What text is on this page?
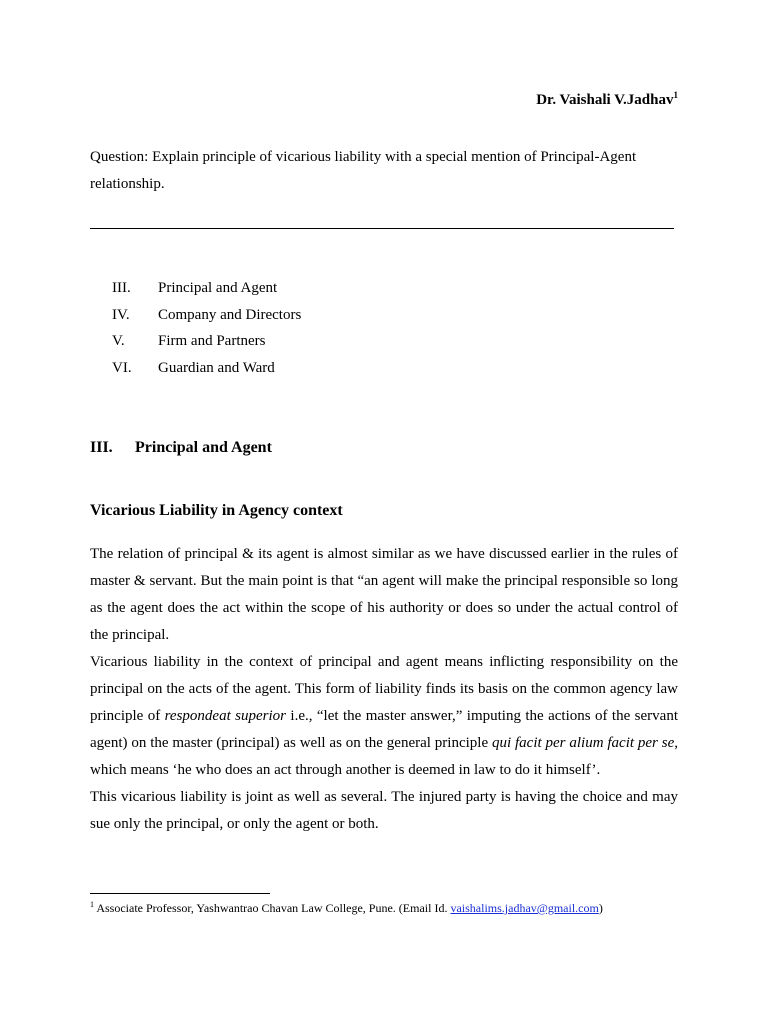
Dr. Vaishali V.Jadhav$^1$
Question: Explain principle of vicarious liability with a special mention of Principal-Agent relationship.
III.	Principal and Agent
IV.	Company and Directors
V.	Firm and Partners
VI.	Guardian and Ward
III. Principal and Agent
Vicarious Liability in Agency context

The relation of principal & its agent is almost similar as we have discussed earlier in the rules of master & servant. But the main point is that “an agent will make the principal responsible so long as the agent does the act within the scope of his authority or does so under the actual control of the principal.

Vicarious liability in the context of principal and agent means inflicting responsibility on the principal on the acts of the agent. This form of liability finds its basis on the common agency law principle of respondeat superior i.e., “let the master answer,” imputing the actions of the servant agent) on the master (principal) as well as on the general principle qui facit per alium facit per se, which means ‘he who does an act through another is deemed in law to do it himself’.

This vicarious liability is joint as well as several. The injured party is having the choice and may sue only the principal, or only the agent or both.

$^1$ Associate Professor, Yashwantrao Chavan Law College, Pune. (Email Id. vaishalims.jadhav@gmail.com)
